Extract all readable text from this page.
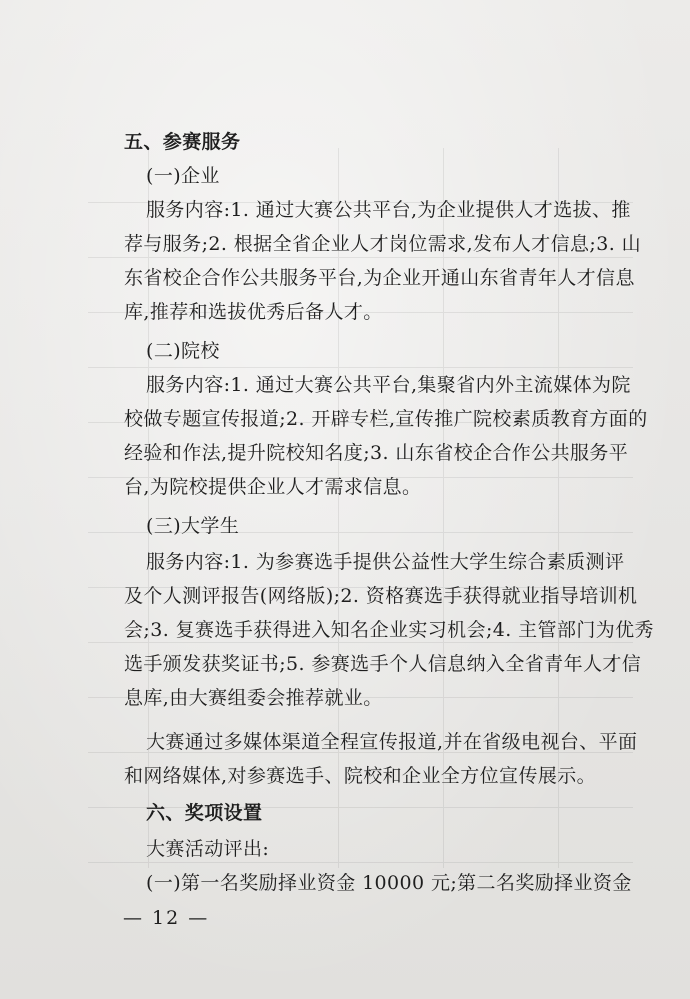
五、参赛服务
(一)企业
服务内容:1. 通过大赛公共平台,为企业提供人才选拔、推
荐与服务;2. 根据全省企业人才岗位需求,发布人才信息;3. 山
东省校企合作公共服务平台,为企业开通山东省青年人才信息
库,推荐和选拔优秀后备人才。
(二)院校
服务内容:1. 通过大赛公共平台,集聚省内外主流媒体为院
校做专题宣传报道;2. 开辟专栏,宣传推广院校素质教育方面的
经验和作法,提升院校知名度;3. 山东省校企合作公共服务平
台,为院校提供企业人才需求信息。
(三)大学生
服务内容:1. 为参赛选手提供公益性大学生综合素质测评
及个人测评报告(网络版);2. 资格赛选手获得就业指导培训机
会;3. 复赛选手获得进入知名企业实习机会;4. 主管部门为优秀
选手颁发获奖证书;5. 参赛选手个人信息纳入全省青年人才信
息库,由大赛组委会推荐就业。
大赛通过多媒体渠道全程宣传报道,并在省级电视台、平面
和网络媒体,对参赛选手、院校和企业全方位宣传展示。
六、奖项设置
大赛活动评出:
(一)第一名奖励择业资金 10000 元;第二名奖励择业资金
— 12 —
